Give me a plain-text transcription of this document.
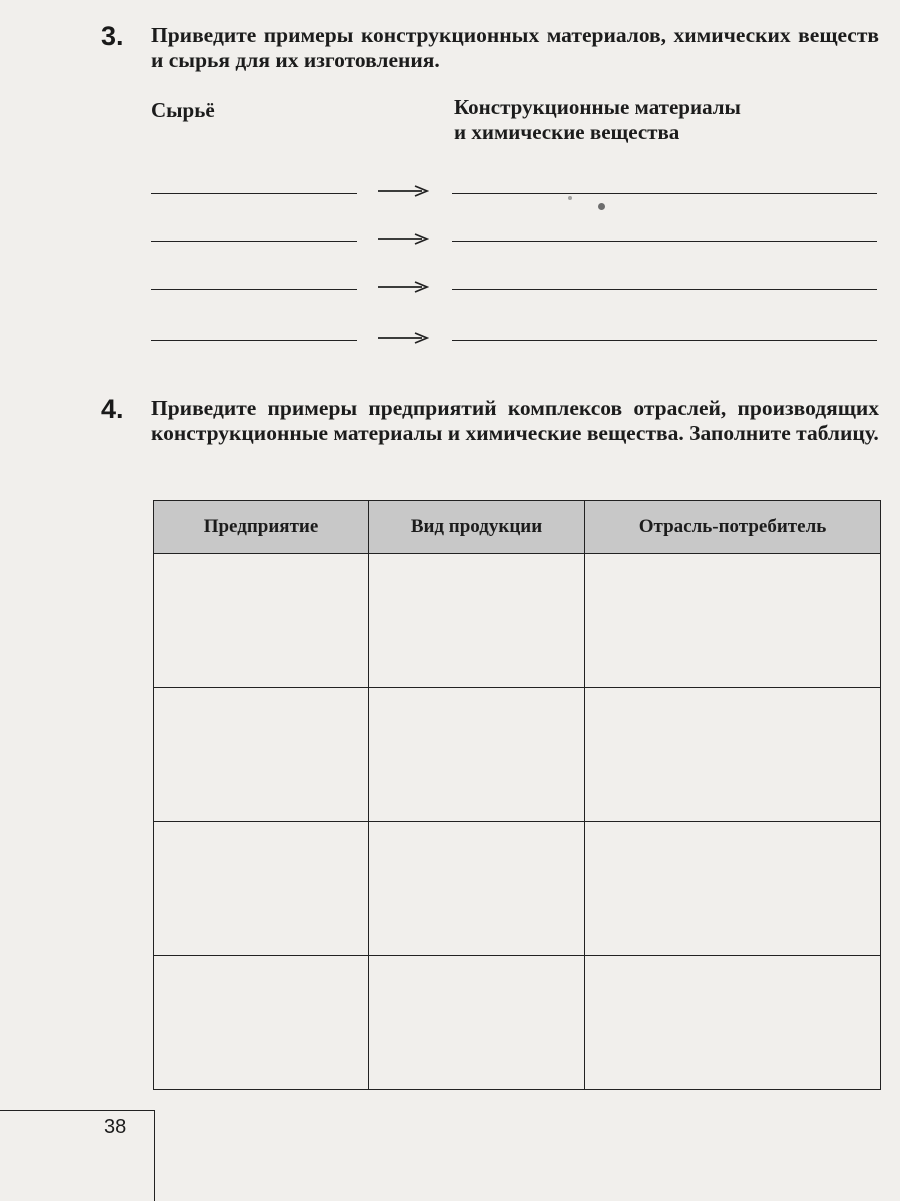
3. Приведите примеры конструкционных материалов, химических веществ и сырья для их изготовления.
Сырьё	Конструкционные материалы
и химические вещества
4. Приведите примеры предприятий комплексов отраслей, производящих конструкционные материалы и химические вещества. Заполните таблицу.
Предприятие	Вид продукции	Отрасль-потребитель

38
